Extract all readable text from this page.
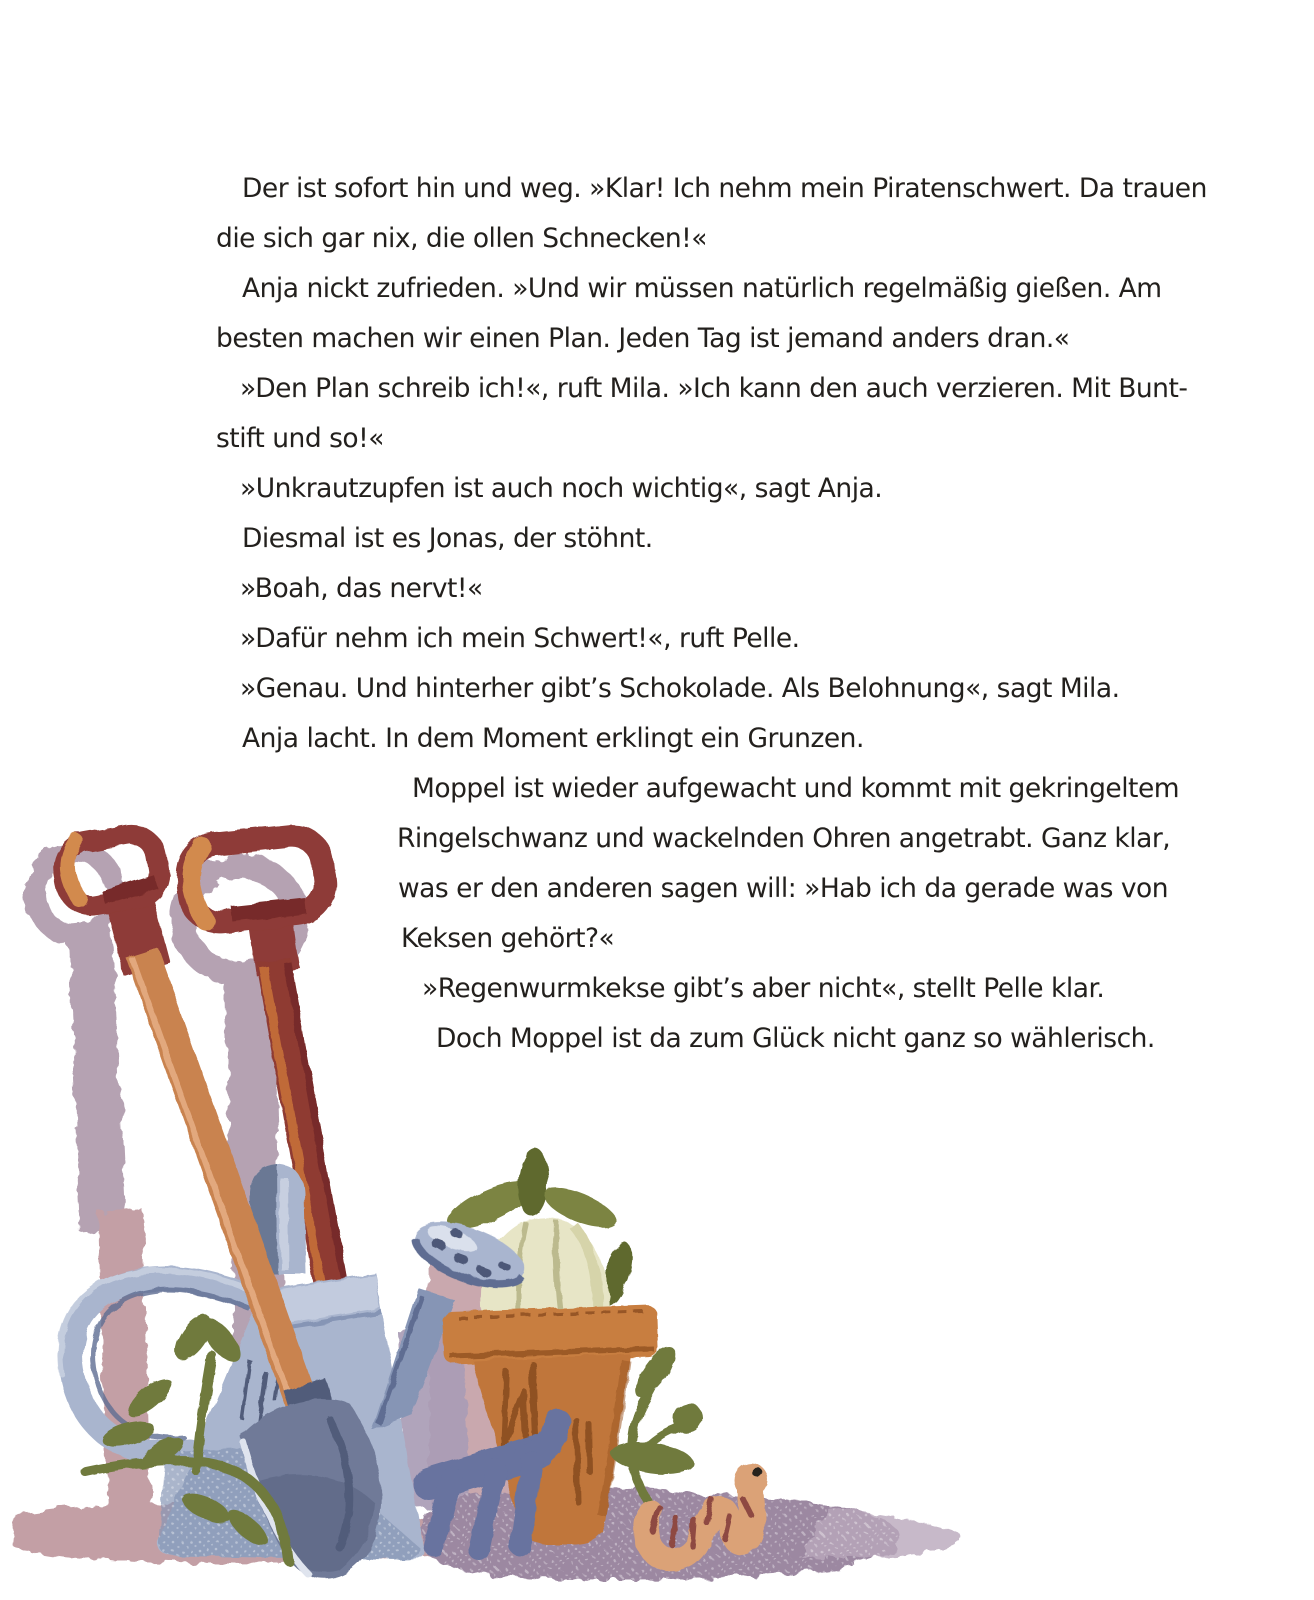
Der ist sofort hin und weg. »Klar! Ich nehm mein Piratenschwert. Da trauen
die sich gar nix, die ollen Schnecken!«
Anja nickt zufrieden. »Und wir müssen natürlich regelmäßig gießen. Am
besten machen wir einen Plan. Jeden Tag ist jemand anders dran.«
»Den Plan schreib ich!«, ruft Mila. »Ich kann den auch verzieren. Mit Bunt-
stift und so!«
»Unkrautzupfen ist auch noch wichtig«, sagt Anja.
Diesmal ist es Jonas, der stöhnt.
»Boah, das nervt!«
»Dafür nehm ich mein Schwert!«, ruft Pelle.
»Genau. Und hinterher gibt’s Schokolade. Als Belohnung«, sagt Mila.
Anja lacht. In dem Moment erklingt ein Grunzen.
Moppel ist wieder aufgewacht und kommt mit gekringeltem
Ringelschwanz und wackelnden Ohren angetrabt. Ganz klar,
was er den anderen sagen will: »Hab ich da gerade was von
Keksen gehört?«
»Regenwurmkekse gibt’s aber nicht«, stellt Pelle klar.
Doch Moppel ist da zum Glück nicht ganz so wählerisch.
